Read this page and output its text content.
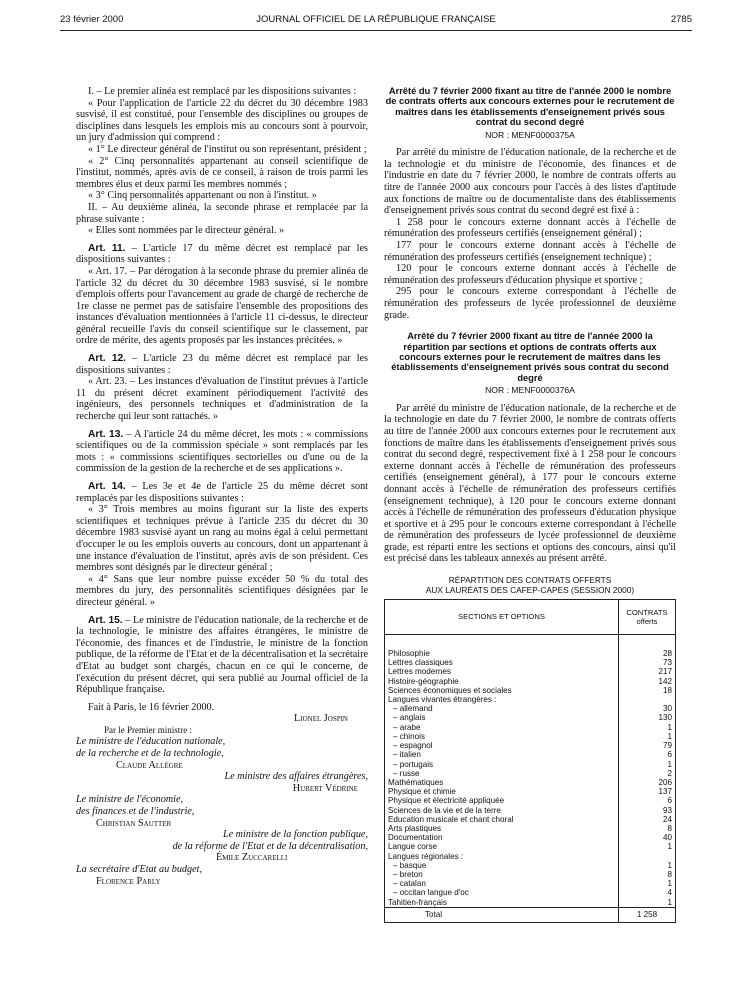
23 février 2000	JOURNAL OFFICIEL DE LA RÉPUBLIQUE FRANÇAISE	2785

I. – Le premier alinéa est remplacé par les dispositions suivantes :

« Pour l'application de l'article 22 du décret du 30 décembre 1983 susvisé, il est constitué, pour l'ensemble des disciplines ou groupes de disciplines dans lesquels les emplois mis au concours sont à pourvoir, un jury d'admission qui comprend :

« 1° Le directeur général de l'institut ou son représentant, président ;

« 2° Cinq personnalités appartenant au conseil scientifique de l'institut, nommés, après avis de ce conseil, à raison de trois parmi les membres élus et deux parmi les membres nommés ;

« 3° Cinq personnalités appartenant ou non à l'institut. »

II. – Au deuxième alinéa, la seconde phrase et remplacée par la phrase suivante :

« Elles sont nommées par le directeur général. »

Art. 11. – L'article 17 du même décret est remplacé par les dispositions suivantes :

« Art. 17. – Par dérogation à la seconde phrase du premier alinéa de l'article 32 du décret du 30 décembre 1983 susvisé, si le nombre d'emplois offerts pour l'avancement au grade de chargé de recherche de 1re classe ne permet pas de satisfaire l'ensemble des propositions des instances d'évaluation mentionnées à l'article 11 ci-dessus, le directeur général recueille l'avis du conseil scientifique sur le classement, par ordre de mérite, des agents proposés par les instances précitées. »

Art. 12. – L'article 23 du même décret est remplacé par les dispositions suivantes :

« Art. 23. – Les instances d'évaluation de l'institut prévues à l'article 11 du présent décret examinent périodiquement l'activité des ingénieurs, des personnels techniques et d'administration de la recherche qui leur sont rattachés. »

Art. 13. – A l'article 24 du même décret, les mots : « commissions scientifiques ou de la commission spéciale » sont remplacés par les mots : « commissions scientifiques sectorielles ou d'une ou de la commission de la gestion de la recherche et de ses applications ».

Art. 14. – Les 3e et 4e de l'article 25 du même décret sont remplacés par les dispositions suivantes :

« 3° Trois membres au moins figurant sur la liste des experts scientifiques et techniques prévue à l'article 235 du décret du 30 décembre 1983 susvisé ayant un rang au moins égal à celui permettant d'occuper le ou les emplois ouverts au concours, dont un appartenant à une instance d'évaluation de l'institut, après avis de son président. Ces membres sont désignés par le directeur général ;

« 4° Sans que leur nombre puisse excéder 50 % du total des membres du jury, des personnalités scientifiques désignées par le directeur général. »

Art. 15. – Le ministre de l'éducation nationale, de la recherche et de la technologie, le ministre des affaires étrangères, le ministre de l'économie, des finances et de l'industrie, le ministre de la fonction publique, de la réforme de l'Etat et de la décentralisation et la secrétaire d'Etat au budget sont chargés, chacun en ce qui le concerne, de l'exécution du présent décret, qui sera publié au Journal officiel de la République française.

Fait à Paris, le 16 février 2000.

Lionel Jospin

Par le Premier ministre :

Le ministre de l'éducation nationale,

de la recherche et de la technologie,

Claude Allègre

Le ministre des affaires étrangères,

Hubert Védrine

Le ministre de l'économie,

des finances et de l'industrie,

Christian Sautter

Le ministre de la fonction publique,

de la réforme de l'Etat et de la décentralisation,

Émile Zuccarelli

La secrétaire d'Etat au budget,

Florence Parly

Arrêté du 7 février 2000 fixant au titre de l'année 2000 le nombre de contrats offerts aux concours externes pour le recrutement de maîtres dans les établissements d'enseignement privés sous contrat du second degré

NOR : MENF0000375A

Par arrêté du ministre de l'éducation nationale, de la recherche et de la technologie et du ministre de l'économie, des finances et de l'industrie en date du 7 février 2000, le nombre de contrats offerts au titre de l'année 2000 aux concours pour l'accès à des listes d'aptitude aux fonctions de maître ou de documentaliste dans des établissements d'enseignement privés sous contrat du second degré est fixé à :

1 258 pour le concours externe donnant accès à l'échelle de rémunération des professeurs certifiés (enseignement général) ;

177 pour le concours externe donnant accès à l'échelle de rémunération des professeurs certifiés (enseignement technique) ;

120 pour le concours externe donnant accès à l'échelle de rémunération des professeurs d'éducation physique et sportive ;

295 pour le concours externe correspondant à l'échelle de rémunération des professeurs de lycée professionnel de deuxième grade.

Arrêté du 7 février 2000 fixant au titre de l'année 2000 la répartition par sections et options de contrats offerts aux concours externes pour le recrutement de maîtres dans les établissements d'enseignement privés sous contrat du second degré

NOR : MENF0000376A

Par arrêté du ministre de l'éducation nationale, de la recherche et de la technologie en date du 7 février 2000, le nombre de contrats offerts au titre de l'année 2000 aux concours externes pour le recrutement aux fonctions de maître dans les établissements d'enseignement privés sous contrat du second degré, respectivement fixé à 1 258 pour le concours externe donnant accès à l'échelle de rémunération des professeurs certifiés (enseignement général), à 177 pour le concours externe donnant accès à l'échelle de rémunération des professeurs certifiés (enseignement technique), à 120 pour le concours externe donnant accès à l'échelle de rémunération des professeurs d'éducation physique et sportive et à 295 pour le concours externe correspondant à l'échelle de rémunération des professeurs de lycée professionnel de deuxième grade, est réparti entre les sections et options des concours, ainsi qu'il est précisé dans les tableaux annexés au présent arrêté.

RÉPARTITION DES CONTRATS OFFERTS

AUX LAURÉATS DES CAFEP-CAPES (SESSION 2000)

SECTIONS ET OPTIONS	CONTRATS
offerts
Philosophie	28
Lettres classiques	73
Lettres modernes	217
Histoire-géographie	142
Sciences économiques et sociales	18
Langues vivantes étrangères :	
– allemand	30
– anglais	130
– arabe	1
– chinois	1
– espagnol	79
– italien	6
– portugais	1
– russe	2
Mathématiques	206
Physique et chimie	137
Physique et électricité appliquée	6
Sciences de la vie et de la terre	93
Education musicale et chant choral	24
Arts plastiques	8
Documentation	40
Langue corse	1
Langues régionales :	
– basque	1
– breton	8
– catalan	1
– occitan langue d'oc	4
Tahitien-français	1
Total	1 258
